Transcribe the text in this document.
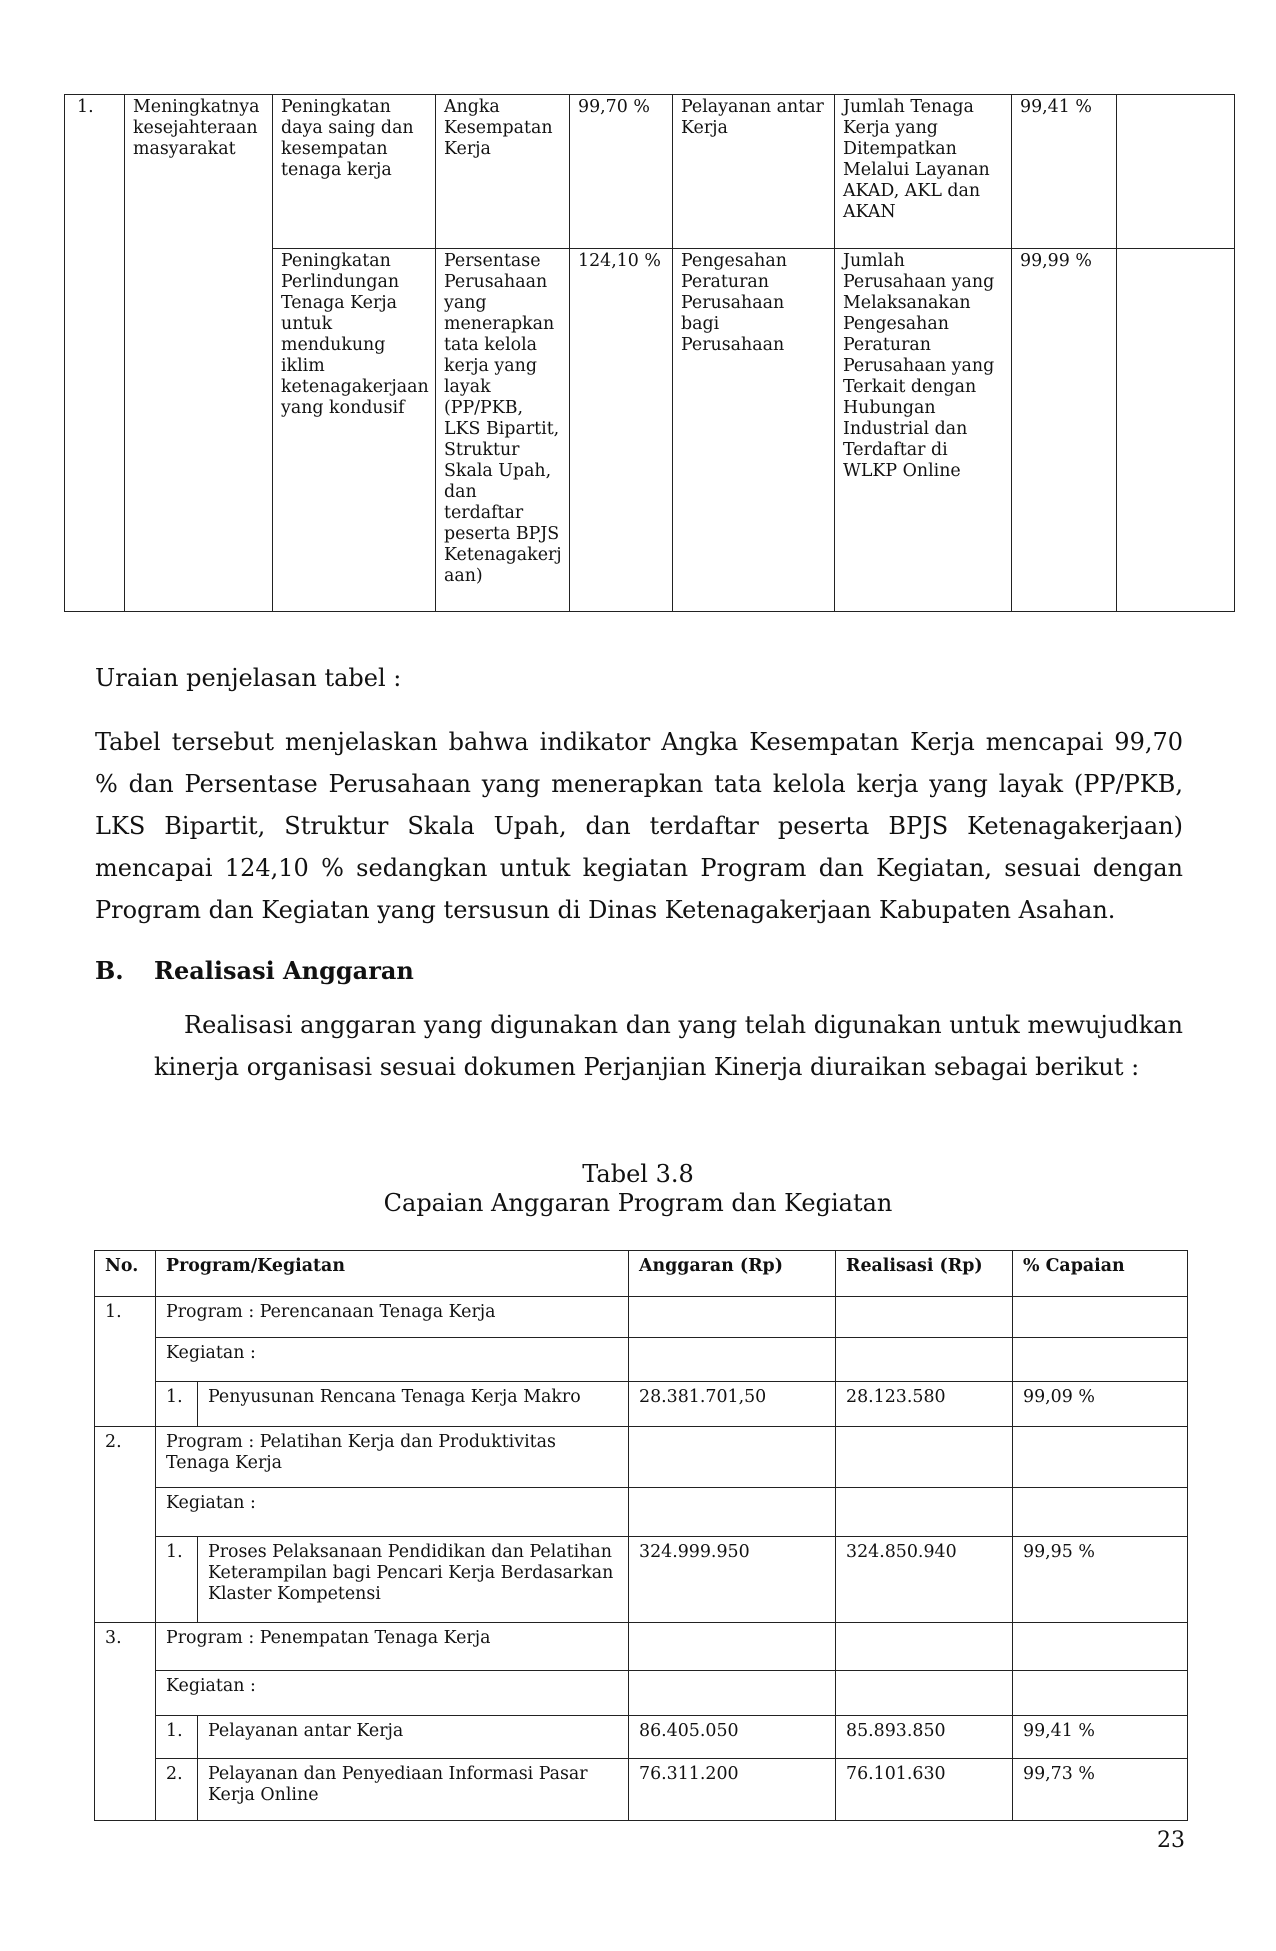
1.	Meningkatnya kesejahteraan masyarakat	Peningkatan daya saing dan kesempatan tenaga kerja	Angka Kesempatan Kerja	99,70 %	Pelayanan antar Kerja	Jumlah Tenaga Kerja yang Ditempatkan Melalui Layanan AKAD, AKL dan AKAN	99,41 %	
		Peningkatan Perlindungan Tenaga Kerja untuk mendukung iklim ketenagakerjaan yang kondusif	Persentase Perusahaan yang menerapkan tata kelola kerja yang layak (PP/PKB, LKS Bipartit, Struktur Skala Upah, dan terdaftar peserta BPJS Ketenagakerj aan)	124,10 %	Pengesahan Peraturan Perusahaan bagi Perusahaan	Jumlah Perusahaan yang Melaksanakan Pengesahan Peraturan Perusahaan yang Terkait dengan Hubungan Industrial dan Terdaftar di WLKP Online	99,99 %	
Uraian penjelasan tabel :
Tabel tersebut menjelaskan bahwa indikator Angka Kesempatan Kerja mencapai 99,70 % dan Persentase Perusahaan yang menerapkan tata kelola kerja yang layak (PP/PKB, LKS Bipartit, Struktur Skala Upah, dan terdaftar peserta BPJS Ketenagakerjaan) mencapai 124,10 % sedangkan untuk kegiatan Program dan Kegiatan, sesuai dengan Program dan Kegiatan yang tersusun di Dinas Ketenagakerjaan Kabupaten Asahan.
B. Realisasi Anggaran
Realisasi anggaran yang digunakan dan yang telah digunakan untuk mewujudkan kinerja organisasi sesuai dokumen Perjanjian Kinerja diuraikan sebagai berikut :
Tabel 3.8
Capaian Anggaran Program dan Kegiatan
No.	Program/Kegiatan		Anggaran (Rp)	Realisasi (Rp)	% Capaian
1.	Program : Perencanaan Tenaga Kerja				
	Kegiatan :				
	1.	Penyusunan Rencana Tenaga Kerja Makro	28.381.701,50	28.123.580	99,09 %
2.	Program : Pelatihan Kerja dan Produktivitas Tenaga Kerja				
	Kegiatan :				
	1.	Proses Pelaksanaan Pendidikan dan Pelatihan Keterampilan bagi Pencari Kerja Berdasarkan Klaster Kompetensi	324.999.950	324.850.940	99,95 %
3.	Program : Penempatan Tenaga Kerja				
	Kegiatan :				
	1.	Pelayanan antar Kerja	86.405.050	85.893.850	99,41 %
	2.	Pelayanan dan Penyediaan Informasi Pasar Kerja Online	76.311.200	76.101.630	99,73 %
23
